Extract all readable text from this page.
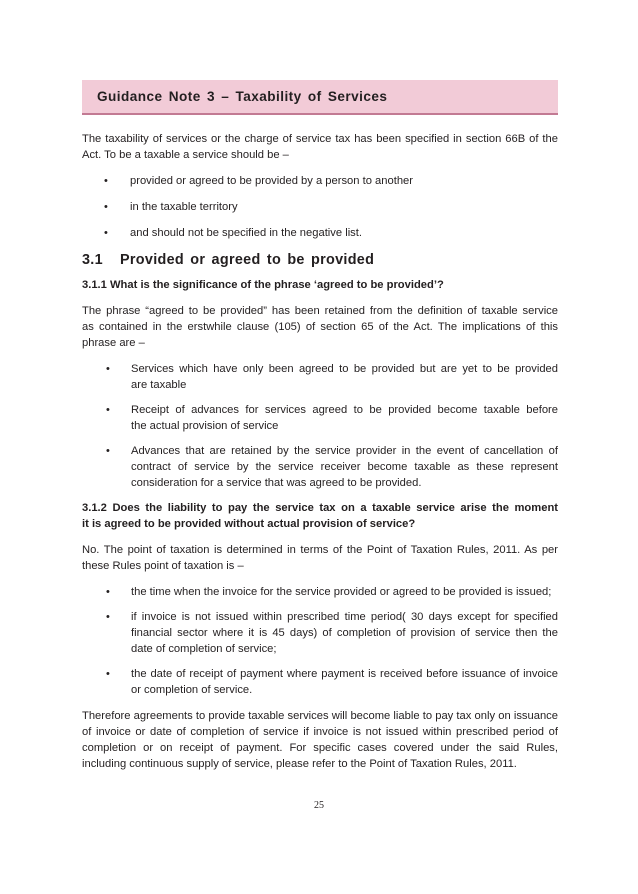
Guidance Note 3 – Taxability of Services

The taxability of services or the charge of service tax has been specified in section 66B of the
Act. To be a taxable a service should be –

• provided or agreed to be provided by a person to another
• in the taxable territory
• and should not be specified in the negative list.
3.1 Provided or agreed to be provided
3.1.1 What is the significance of the phrase ‘agreed to be provided’?

The phrase “agreed to be provided” has been retained from the definition of taxable service
as contained in the erstwhile clause (105) of section 65 of the Act. The implications of this
phrase are –

• Services which have only been agreed to be provided but are yet to be provided
are taxable
• Receipt of advances for services agreed to be provided become taxable before
the actual provision of service
• Advances that are retained by the service provider in the event of cancellation of
contract of service by the service receiver become taxable as these represent
consideration for a service that was agreed to be provided.
3.1.2 Does the liability to pay the service tax on a taxable service arise the moment
it is agreed to be provided without actual provision of service?

No. The point of taxation is determined in terms of the Point of Taxation Rules, 2011. As per
these Rules point of taxation is –

• the time when the invoice for the service provided or agreed to be provided is issued;
• if invoice is not issued within prescribed time period( 30 days except for specified
financial sector where it is 45 days) of completion of provision of service then the
date of completion of service;
• the date of receipt of payment where payment is received before issuance of invoice
or completion of service.

Therefore agreements to provide taxable services will become liable to pay tax only on issuance
of invoice or date of completion of service if invoice is not issued within prescribed period of
completion or on receipt of payment. For specific cases covered under the said Rules,
including continuous supply of service, please refer to the Point of Taxation Rules, 2011.

25
